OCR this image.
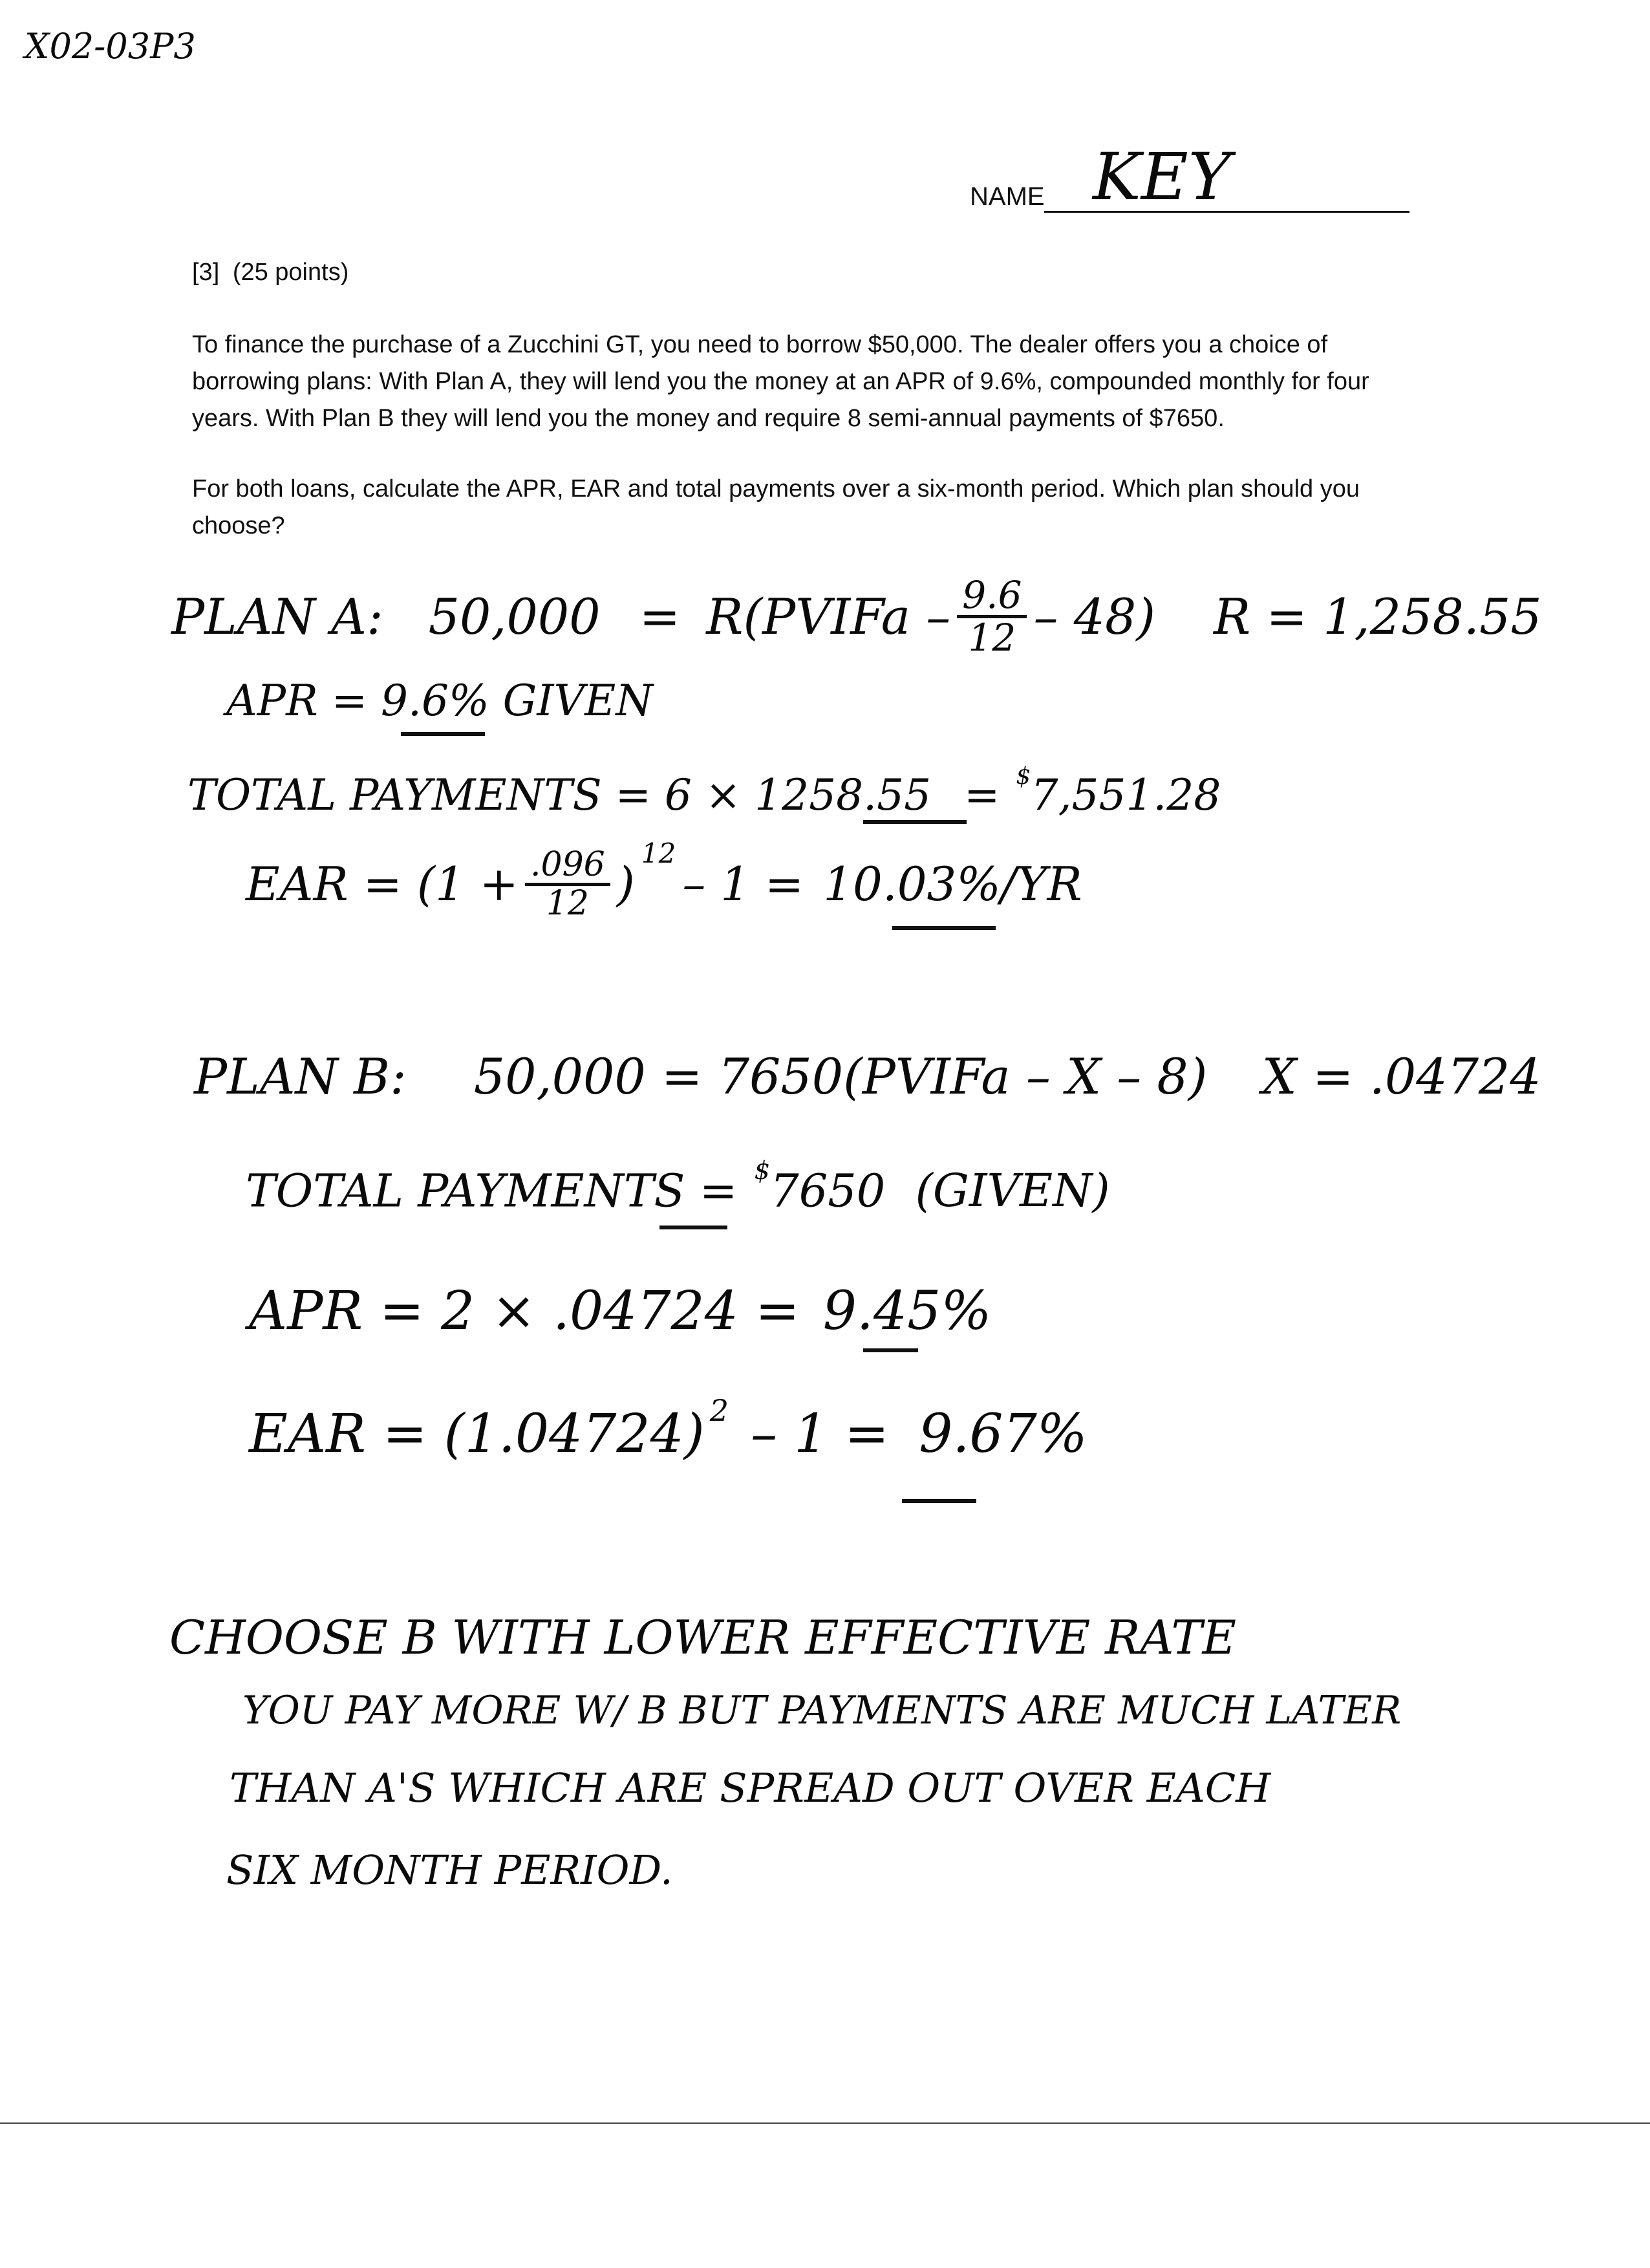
X02-03P3
NAME KEY
[3] (25 points)
To finance the purchase of a Zucchini GT, you need to borrow $50,000. The dealer offers you a choice of
borrowing plans: With Plan A, they will lend you the money at an APR of 9.6%, compounded monthly for four
years. With Plan B they will lend you the money and require 8 semi-annual payments of $7650.
For both loans, calculate the APR, EAR and total payments over a six-month period. Which plan should you
choose?
PLAN A: 50,000 = R(PVIFa – $\frac{9.6}{12} - 48$) R = 1,258.55
APR = 9.6% GIVEN
TOTAL PAYMENTS = 6 × 1258.55 = $7,551.28
EAR = ($1 + \frac{.096}{12}$ )
$^{12}$
– 1 = 10.03%/YR
PLAN B: 50,000 = 7650(PVIFa – X – 8) X = .04724
TOTAL PAYMENTS = $7650 (GIVEN)
APR = 2 × .04724 = 9.45%
EAR = (1.04724) $^2$ – 1 = 9.67%
CHOOSE B WITH LOWER EFFECTIVE RATE
YOU PAY MORE W/ B BUT PAYMENTS ARE MUCH LATER
THAN A'S WHICH ARE SPREAD OUT OVER EACH
SIX MONTH PERIOD.
